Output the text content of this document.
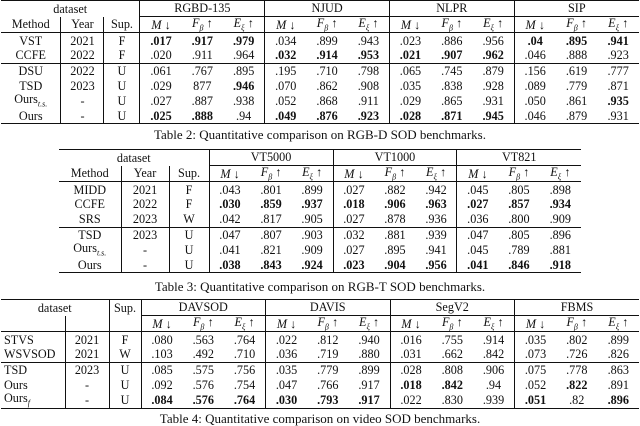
dataset			RGBD-135			NJUD			NLPR			SIP		
Method	Year	Sup.	M ↓	$F_\beta$ ↑	$E_\xi$ ↑	M ↓	$F_\beta$ ↑	$E_\xi$ ↑	M ↓	$F_\beta$ ↑	$E_\xi$ ↑	M ↓	$F_\beta$ ↑	$E_\xi$ ↑
VST	2021	F	.017	.917	.979	.034	.899	.943	.023	.886	.956	.04	.895	.941
CCFE	2022	F	.020	.911	.964	.032	.914	.953	.021	.907	.962	.046	.888	.923
DSU	2022	U	.061	.767	.895	.195	.710	.798	.065	.745	.879	.156	.619	.777
TSD	2023	U	.029	877	.946	.070	.862	.908	.035	.838	.928	.089	.779	.871
Ours$_{t.s.}$	-	U	.027	.887	.938	.052	.868	.911	.029	.865	.931	.050	.861	.935
Ours	-	U	.025	.888	.94	.049	.876	.923	.028	.871	.945	.046	.879	.931
Table 2: Quantitative comparison on RGB-D SOD benchmarks.
dataset			VT5000			VT1000			VT821		
Method	Year	Sup.	M ↓	$F_\beta$ ↑	$E_\xi$ ↑	M ↓	$F_\beta$ ↑	$E_\xi$ ↑	M ↓	$F_\beta$ ↑	$E_\xi$ ↑
MIDD	2021	F	.043	.801	.899	.027	.882	.942	.045	.805	.898
CCFE	2022	F	.030	.859	.937	.018	.906	.963	.027	.857	.934
SRS	2023	W	.042	.817	.905	.027	.878	.936	.036	.800	.909
TSD	2023	U	.047	.807	.903	.032	.881	.939	.047	.805	.896
Ours$_{t.s.}$	-	U	.041	.821	.909	.027	.895	.941	.045	.789	.881
Ours	-	U	.038	.843	.924	.023	.904	.956	.041	.846	.918
Table 3: Quantitative comparison on RGB-T SOD benchmarks.
dataset		Sup.	DAVSOD			DAVIS			SegV2			FBMS		
			M ↓	$F_\beta$ ↑	$E_\xi$ ↑	M ↓	$F_\beta$ ↑	$E_\xi$ ↑	M ↓	$F_\beta$ ↑	$E_\xi$ ↑	M ↓	$F_\beta$ ↑	$E_\xi$ ↑
STVS	2021	F	.080	.563	.764	.022	.812	.940	.016	.755	.914	.035	.802	.899
WSVSOD	2021	W	.103	.492	.710	.036	.719	.880	.031	.662	.842	.073	.726	.826
TSD	2023	U	.085	.575	.756	.035	.779	.899	.028	.808	.906	.075	.778	.863
Ours	-	U	.092	.576	.754	.047	.766	.917	.018	.842	.94	.052	.822	.891
Ours$_f$	-	U	.084	.576	.764	.030	.793	.917	.022	.830	.939	.051	.82	.896
Table 4: Quantitative comparison on video SOD benchmarks.
